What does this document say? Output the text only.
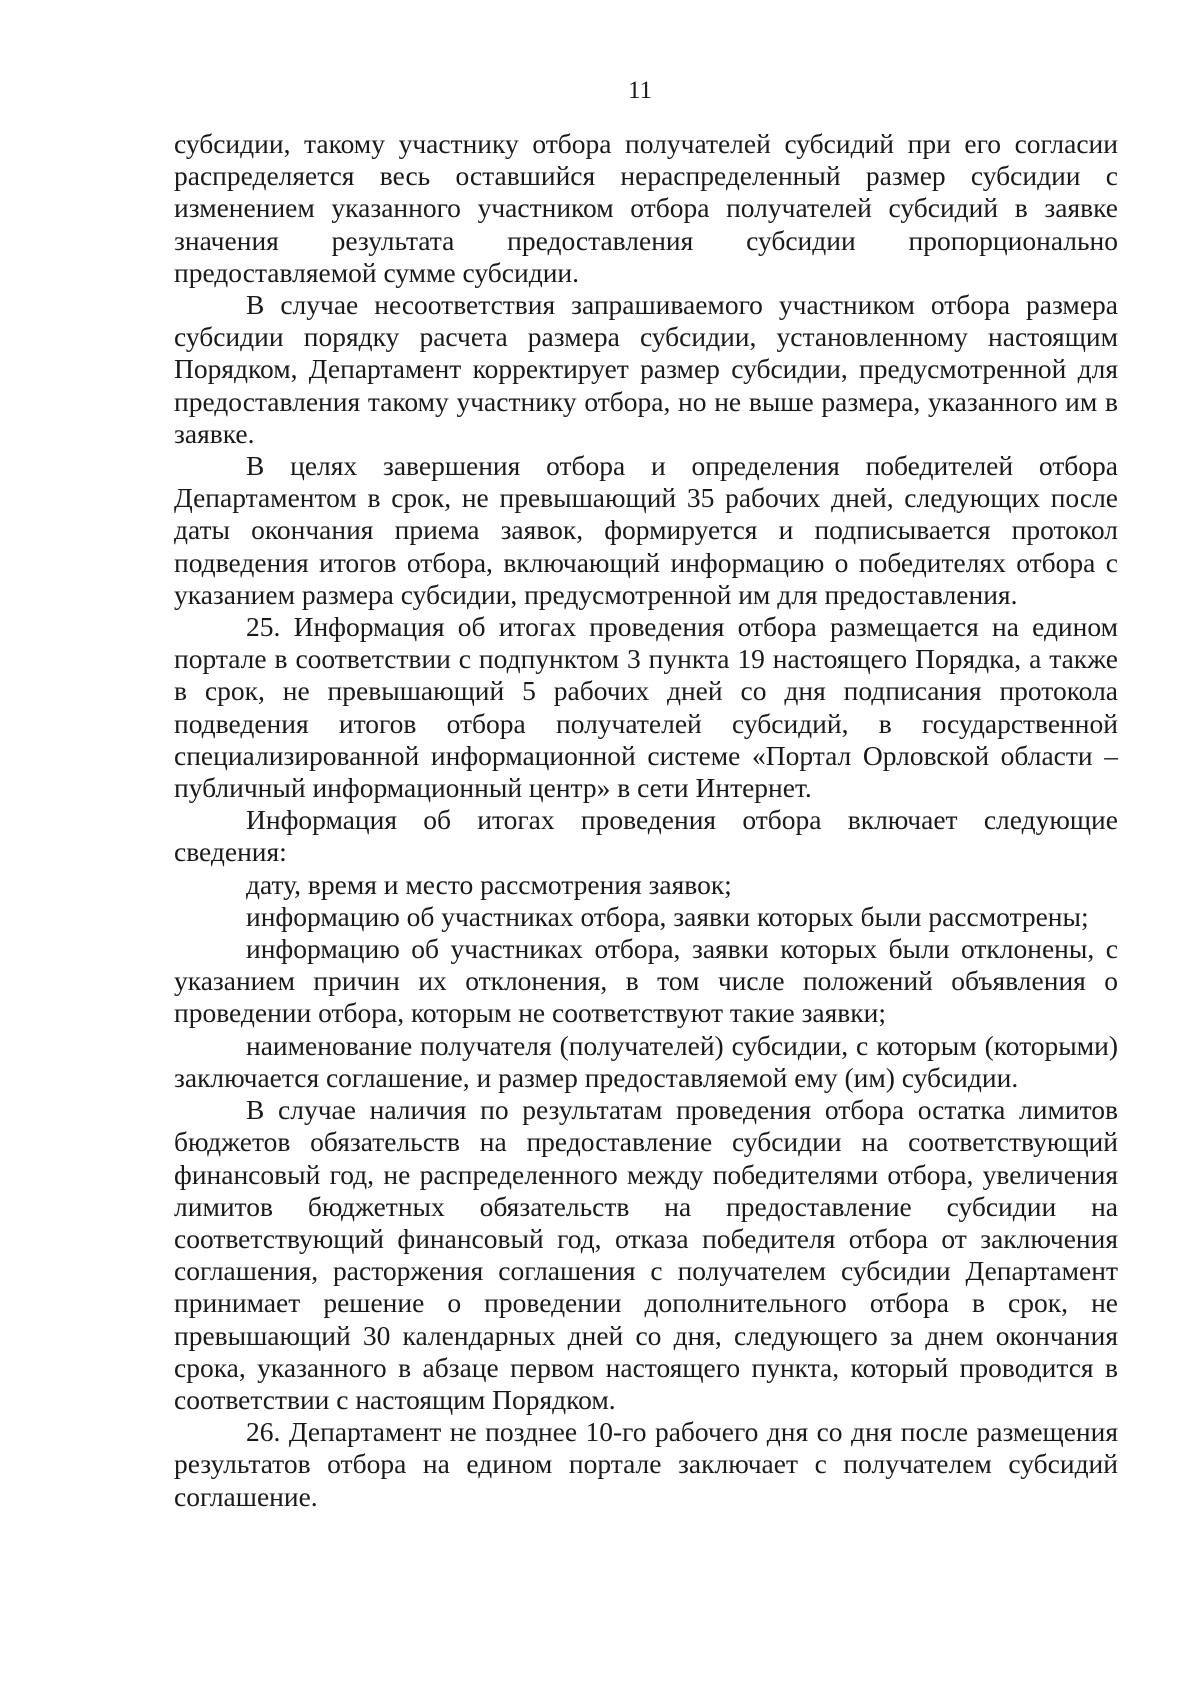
11

субсидии, такому участнику отбора получателей субсидий при его согласии распределяется весь оставшийся нераспределенный размер субсидии с изменением указанного участником отбора получателей субсидий в заявке значения результата предоставления субсидии пропорционально предоставляемой сумме субсидии.

В случае несоответствия запрашиваемого участником отбора размера субсидии порядку расчета размера субсидии, установленному настоящим Порядком, Департамент корректирует размер субсидии, предусмотренной для предоставления такому участнику отбора, но не выше размера, указанного им в заявке.

В целях завершения отбора и определения победителей отбора Департаментом в срок, не превышающий 35 рабочих дней, следующих после даты окончания приема заявок, формируется и подписывается протокол подведения итогов отбора, включающий информацию о победителях отбора с указанием размера субсидии, предусмотренной им для предоставления.

25. Информация об итогах проведения отбора размещается на едином портале в соответствии с подпунктом 3 пункта 19 настоящего Порядка, а также в срок, не превышающий 5 рабочих дней со дня подписания протокола подведения итогов отбора получателей субсидий, в государственной специализированной информационной системе «Портал Орловской области – публичный информационный центр» в сети Интернет.

Информация об итогах проведения отбора включает следующие сведения:

дату, время и место рассмотрения заявок;

информацию об участниках отбора, заявки которых были рассмотрены;

информацию об участниках отбора, заявки которых были отклонены, с указанием причин их отклонения, в том числе положений объявления о проведении отбора, которым не соответствуют такие заявки;

наименование получателя (получателей) субсидии, с которым (которыми) заключается соглашение, и размер предоставляемой ему (им) субсидии.

В случае наличия по результатам проведения отбора остатка лимитов бюджетов обязательств на предоставление субсидии на соответствующий финансовый год, не распределенного между победителями отбора, увеличения лимитов бюджетных обязательств на предоставление субсидии на соответствующий финансовый год, отказа победителя отбора от заключения соглашения, расторжения соглашения с получателем субсидии Департамент принимает решение о проведении дополнительного отбора в срок, не превышающий 30 календарных дней со дня, следующего за днем окончания срока, указанного в абзаце первом настоящего пункта, который проводится в соответствии с настоящим Порядком.

26. Департамент не позднее 10-го рабочего дня со дня после размещения результатов отбора на едином портале заключает с получателем субсидий соглашение.
